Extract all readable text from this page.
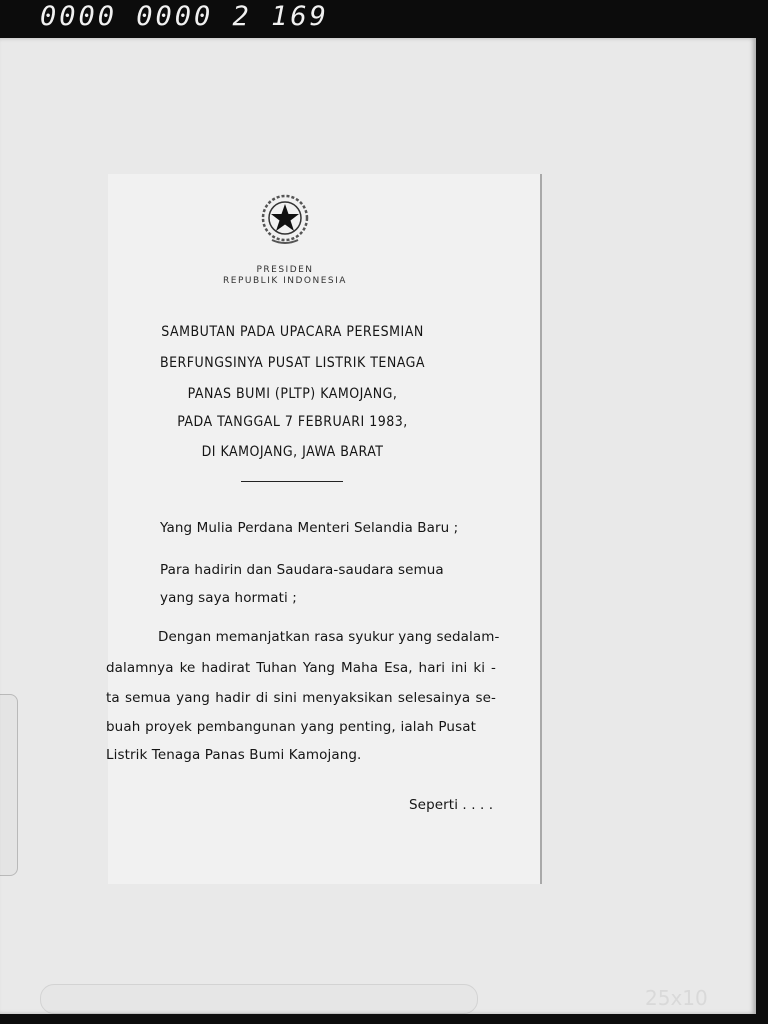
0000 0000 2 169
PRESIDEN
REPUBLIK INDONESIA
SAMBUTAN PADA UPACARA PERESMIAN
BERFUNGSINYA PUSAT LISTRIK TENAGA
PANAS BUMI (PLTP) KAMOJANG,
PADA TANGGAL 7 FEBRUARI 1983,
DI KAMOJANG, JAWA BARAT
Yang Mulia Perdana Menteri Selandia Baru ;
Para hadirin dan Saudara-saudara semua
yang saya hormati ;
Dengan memanjatkan rasa syukur yang sedalam-
dalamnya ke hadirat Tuhan Yang Maha Esa, hari ini ki -
ta semua yang hadir di sini menyaksikan selesainya se-
buah proyek pembangunan yang penting, ialah Pusat
Listrik Tenaga Panas Bumi Kamojang.
Seperti . . . .
25x10
